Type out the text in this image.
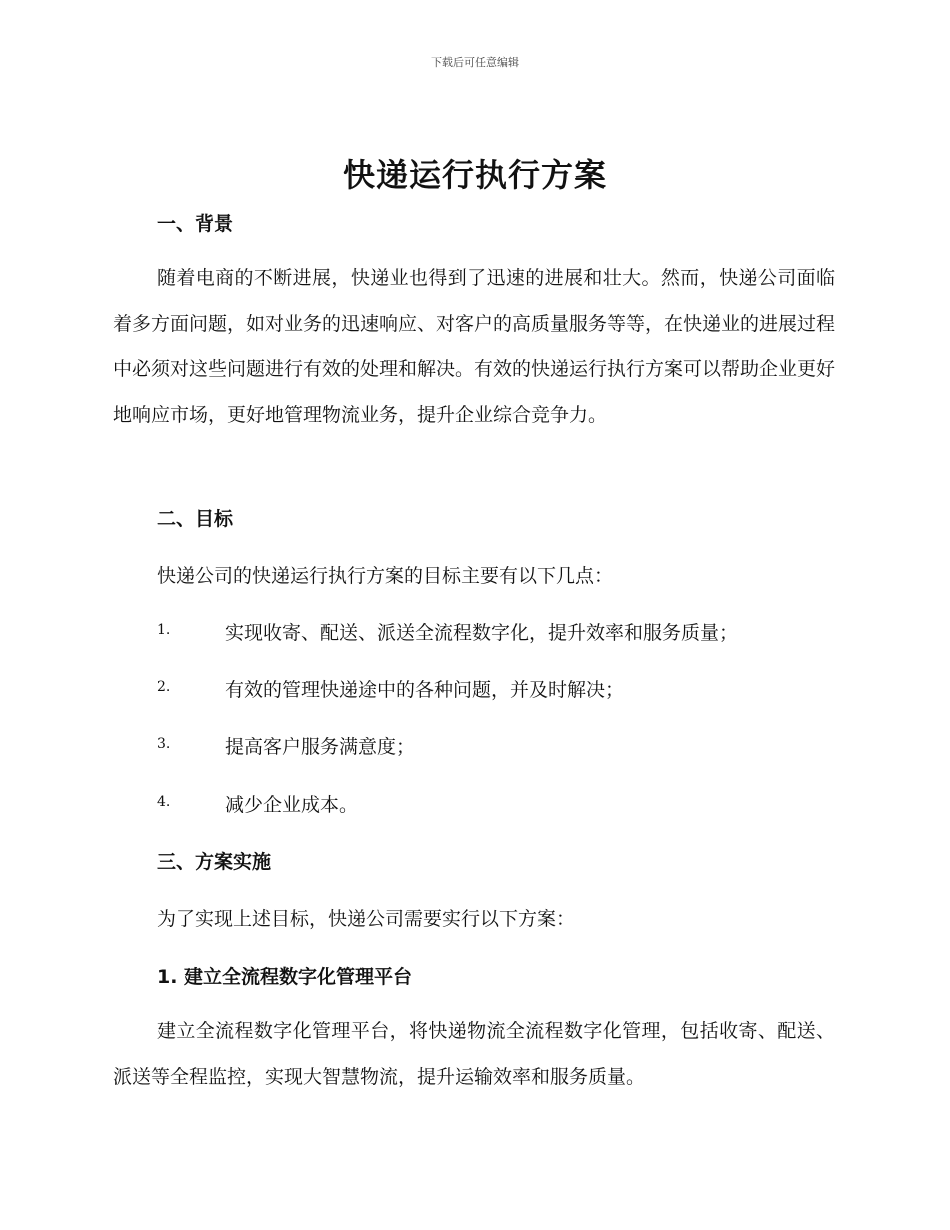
下载后可任意编辑
快递运行执行方案
一、背景
随着电商的不断进展，快递业也得到了迅速的进展和壮大。然而，快递公司面临着多方面问题，如对业务的迅速响应、对客户的高质量服务等等，在快递业的进展过程中必须对这些问题进行有效的处理和解决。有效的快递运行执行方案可以帮助企业更好地响应市场，更好地管理物流业务，提升企业综合竞争力。
二、目标
快递公司的快递运行执行方案的目标主要有以下几点：
1.	实现收寄、配送、派送全流程数字化，提升效率和服务质量；
2.	有效的管理快递途中的各种问题，并及时解决；
3.	提高客户服务满意度；
4.	减少企业成本。
三、方案实施
为了实现上述目标，快递公司需要实行以下方案：
1. 建立全流程数字化管理平台
建立全流程数字化管理平台，将快递物流全流程数字化管理，包括收寄、配送、派送等全程监控，实现大智慧物流，提升运输效率和服务质量。
